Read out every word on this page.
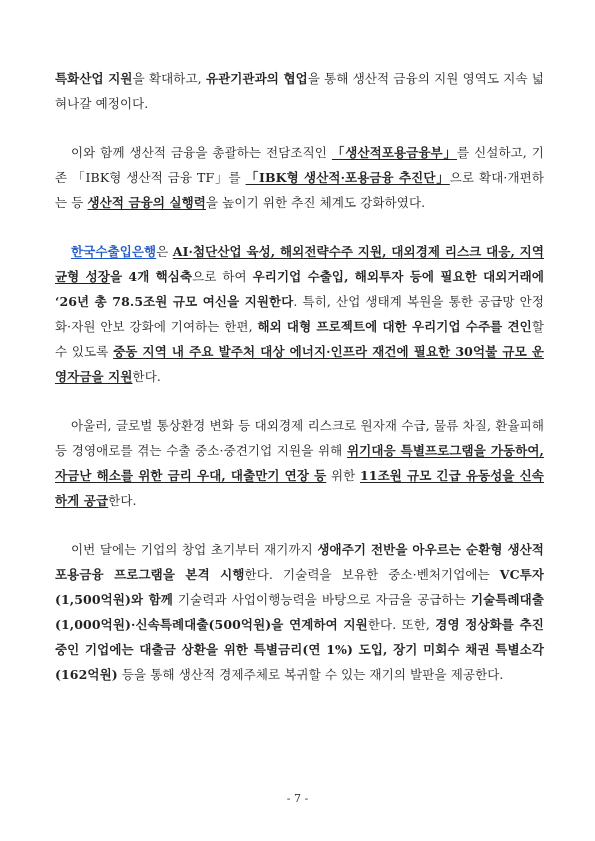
특화산업 지원을 확대하고, 유관기관과의 협업을 통해 생산적 금융의 지원 영역도 지속 넓혀나갈 예정이다.

이와 함께 생산적 금융을 총괄하는 전담조직인 「생산적포용금융부」를 신설하고, 기존 「IBK형 생산적 금융 TF」를 「IBK형 생산적·포용금융 추진단」으로 확대·개편하는 등 생산적 금융의 실행력을 높이기 위한 추진 체계도 강화하였다.

한국수출입은행은 AI·첨단산업 육성, 해외전략수주 지원, 대외경제 리스크 대응, 지역균형 성장을 4개 핵심축으로 하여 우리기업 수출입, 해외투자 등에 필요한 대외거래에 ‘26년 총 78.5조원 규모 여신을 지원한다. 특히, 산업 생태계 복원을 통한 공급망 안정화·자원 안보 강화에 기여하는 한편, 해외 대형 프로젝트에 대한 우리기업 수주를 견인할 수 있도록 중동 지역 내 주요 발주처 대상 에너지·인프라 재건에 필요한 30억불 규모 운영자금을 지원한다.

아울러, 글로벌 통상환경 변화 등 대외경제 리스크로 원자재 수급, 물류 차질, 환율피해 등 경영애로를 겪는 수출 중소·중견기업 지원을 위해 위기대응 특별프로그램을 가동하여, 자금난 해소를 위한 금리 우대, 대출만기 연장 등 위한 11조원 규모 긴급 유동성을 신속하게 공급한다.

이번 달에는 기업의 창업 초기부터 재기까지 생애주기 전반을 아우르는 순환형 생산적 포용금융 프로그램을 본격 시행한다. 기술력을 보유한 중소·벤처기업에는 VC투자(1,500억원)와 함께 기술력과 사업이행능력을 바탕으로 자금을 공급하는 기술특례대출(1,000억원)·신속특례대출(500억원)을 연계하여 지원한다. 또한, 경영 정상화를 추진중인 기업에는 대출금 상환을 위한 특별금리(연 1%) 도입, 장기 미회수 채권 특별소각(162억원) 등을 통해 생산적 경제주체로 복귀할 수 있는 재기의 발판을 제공한다.

- 7 -
